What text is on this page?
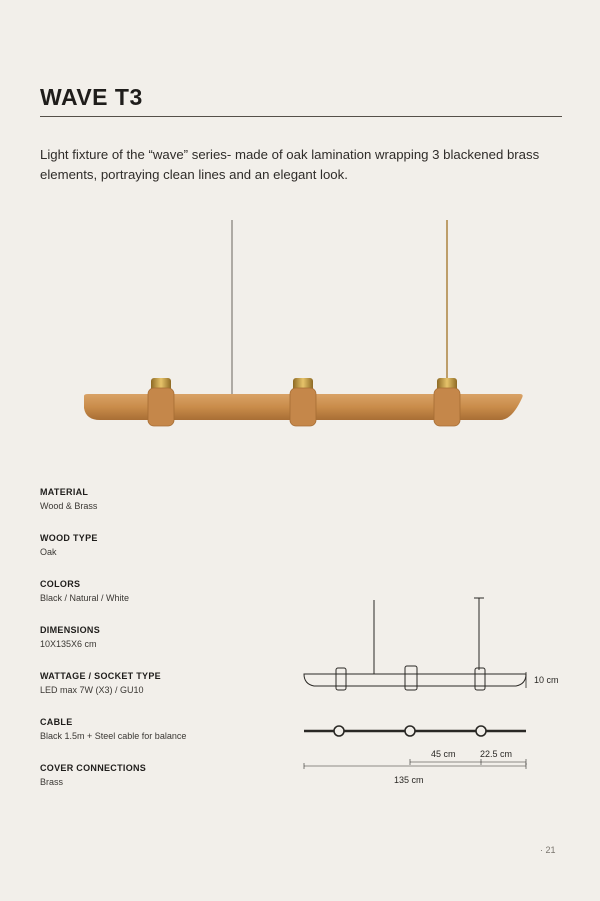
WAVE T3
Light fixture of the “wave” series- made of oak lamination wrapping 3 blackened brass elements, portraying clean lines and an elegant look.
MATERIAL
Wood & Brass
WOOD TYPE
Oak
COLORS
Black / Natural / White
DIMENSIONS
10X135X6 cm
WATTAGE / SOCKET TYPE
LED max 7W (X3) / GU10
CABLE
Black 1.5m + Steel cable for balance
COVER CONNECTIONS
Brass
10 cm
45 cm	22.5 cm
135 cm
· 21
